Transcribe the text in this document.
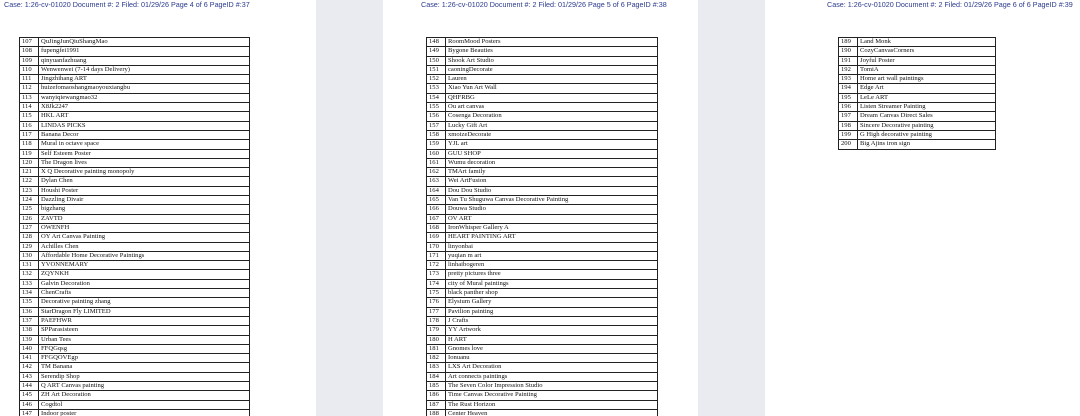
Case: 1:26-cv-01020 Document #: 2 Filed: 01/29/26 Page 4 of 6 PageID #:37
107	QuJingJunQiuShangMao
108	fupengfei1991
109	qinyuanfazhuang
110	Wenwenwei (7-14 days Delivery)
111	Jingzhihang ART
112	huizefomaoshangmaoyouxiangbu
113	wanyiqiewangmao32
114	X8Jk2247
115	HKL ART
116	LINDAS PICKS
117	Banana Decor
118	Mural in octave space
119	Self Esteem Poster
120	The Dragon lives
121	X Q Decorative painting monopoly
122	Dylan Chen
123	Houshi Poster
124	Dazzling Divair
125	bigzhang
126	ZAVTD
127	OWENFH
128	OY Art Canvas Painting
129	Achilles Chen
130	Affordable Home Decorative Paintings
131	YVONNEMARY
132	ZQYNKH
133	Galvin Decoration
134	ChenCrafts
135	Decorative painting zhang
136	StarDragon Fly LIMITED
137	PAEFHWR
138	SPParasisteen
139	Urban Tees
140	FFQGqsg
141	FFGQOVEgp
142	TM Banana
143	Serendip Shop
144	Q ART Canvas painting
145	ZH Art Decoration
146	Cogdtol
147	Indoor poster
Case: 1:26-cv-01020 Document #: 2 Filed: 01/29/26 Page 5 of 6 PageID #:38
148	RoomMood Posters
149	Bygone Beauties
150	Shook Art Studio
151	caoningDecorate
152	Lauren
153	Xiao Yun Art Wall
154	QHFRBG
155	Ou art canvas
156	Cosenga Decoration
157	Lucky Gift Art
158	xmoizeDecorate
159	YJL art
160	GUU SHOP
161	Wumu decoration
162	TMArt family
163	Wei ArtFusion
164	Dou Dou Studio
165	Van Tu Shuguwa Canvas Decorative Painting
166	Douwa Studio
167	OV ART
168	IronWhisper Gallery A
169	HEART PAINTING ART
170	linyonbai
171	yuqian m art
172	linhaibogeren
173	pretty pictures three
174	city of Mural paintings
175	black panther shop
176	Elysium Gallery
177	Pavilion painting
178	J Crafts
179	YY Artwork
180	H ART
181	Gnomes love
182	Ionuanu
183	LXS Art Decoration
184	Art connects paintings
185	The Seven Color Impression Studio
186	Time Canvas Decorative Painting
187	The Rust Horizon
188	Center Heaven
Case: 1:26-cv-01020 Document #: 2 Filed: 01/29/26 Page 6 of 6 PageID #:39
189	Land Monk
190	CozyCanvasCorners
191	Joyful Poster
192	TomiA
193	Home art wall paintings
194	Edge Art
195	LeLe ART
196	Listen Streamer Painting
197	Dream Canvas Direct Sales
198	Sincere Decorative painting
199	G High decorative painting
200	Big Ajins iron sign
